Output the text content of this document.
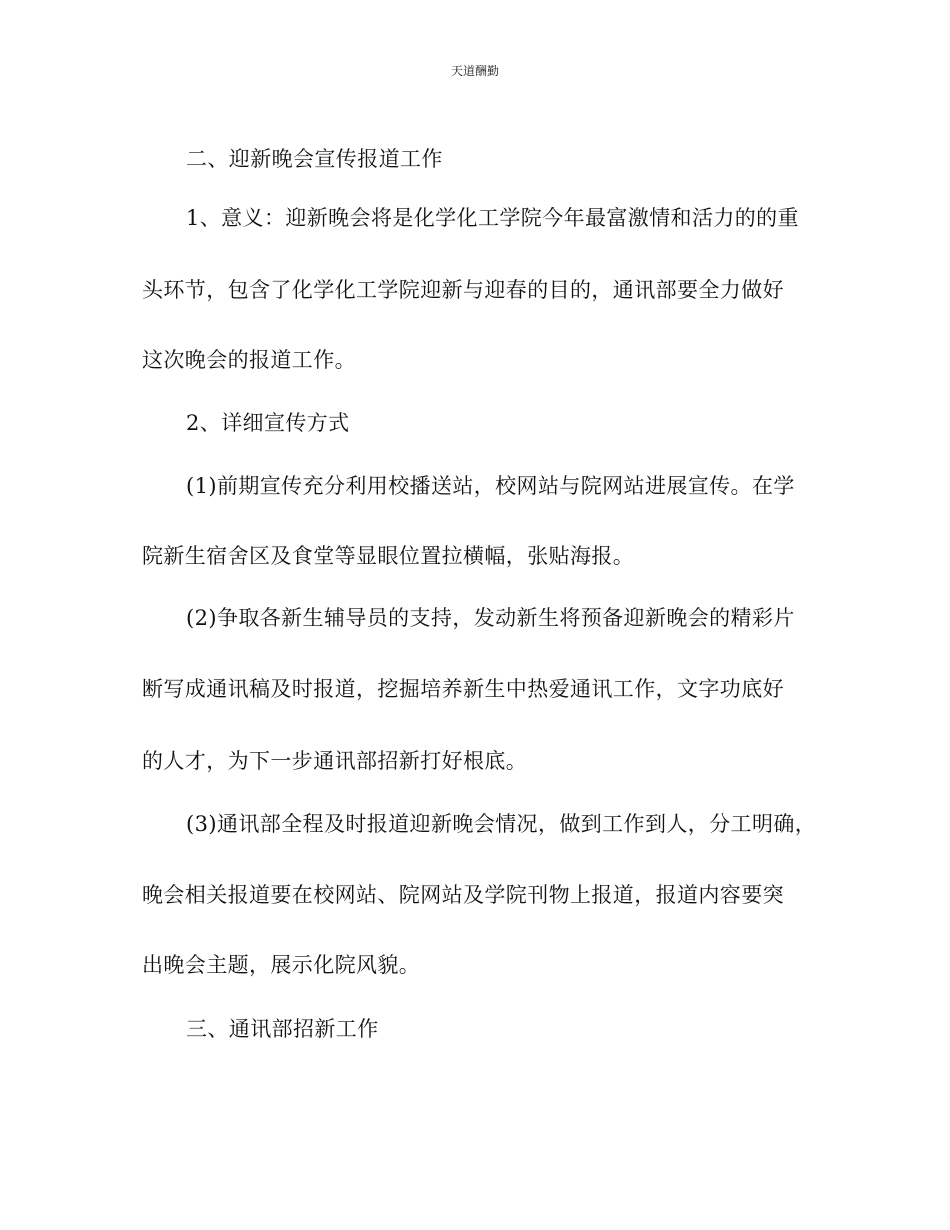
天道酬勤
二、迎新晚会宣传报道工作
1、意义：迎新晚会将是化学化工学院今年最富激情和活力的的重
头环节，包含了化学化工学院迎新与迎春的目的，通讯部要全力做好
这次晚会的报道工作。
2、详细宣传方式
(1)前期宣传充分利用校播送站，校网站与院网站进展宣传。在学
院新生宿舍区及食堂等显眼位置拉横幅，张贴海报。
(2)争取各新生辅导员的支持，发动新生将预备迎新晚会的精彩片
断写成通讯稿及时报道，挖掘培养新生中热爱通讯工作，文字功底好
的人才，为下一步通讯部招新打好根底。
(3)通讯部全程及时报道迎新晚会情况，做到工作到人，分工明确，
晚会相关报道要在校网站、院网站及学院刊物上报道，报道内容要突
出晚会主题，展示化院风貌。
三、通讯部招新工作
